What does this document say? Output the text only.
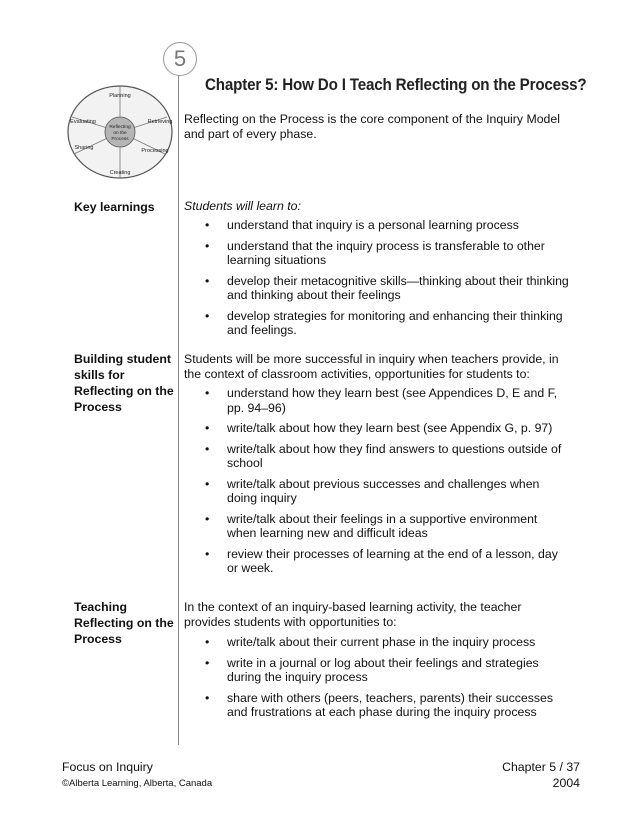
5
Planning
Retrieving
Processing
Creating
Sharing
Evaluating
Reflecting
on the
Process
Chapter 5: How Do I Teach Reflecting on the Process?
Reflecting on the Process is the core component of the Inquiry Model and part of every phase.
Key learnings	Students will learn to:
• understand that inquiry is a personal learning process
• understand that the inquiry process is transferable to other learning situations
• develop their metacognitive skills—thinking about their thinking and thinking about their feelings
• develop strategies for monitoring and enhancing their thinking and feelings.
Building student skills for Reflecting on the Process
Students will be more successful in inquiry when teachers provide, in the context of classroom activities, opportunities for students to:
• understand how they learn best (see Appendices D, E and F, pp. 94–96)
• write/talk about how they learn best (see Appendix G, p. 97)
• write/talk about how they find answers to questions outside of school
• write/talk about previous successes and challenges when doing inquiry
• write/talk about their feelings in a supportive environment when learning new and difficult ideas
• review their processes of learning at the end of a lesson, day or week.
Teaching Reflecting on the Process
In the context of an inquiry-based learning activity, the teacher provides students with opportunities to:
• write/talk about their current phase in the inquiry process
• write in a journal or log about their feelings and strategies during the inquiry process
• share with others (peers, teachers, parents) their successes and frustrations at each phase during the inquiry process
Focus on Inquiry
©Alberta Learning, Alberta, Canada
Chapter 5 / 37
2004
